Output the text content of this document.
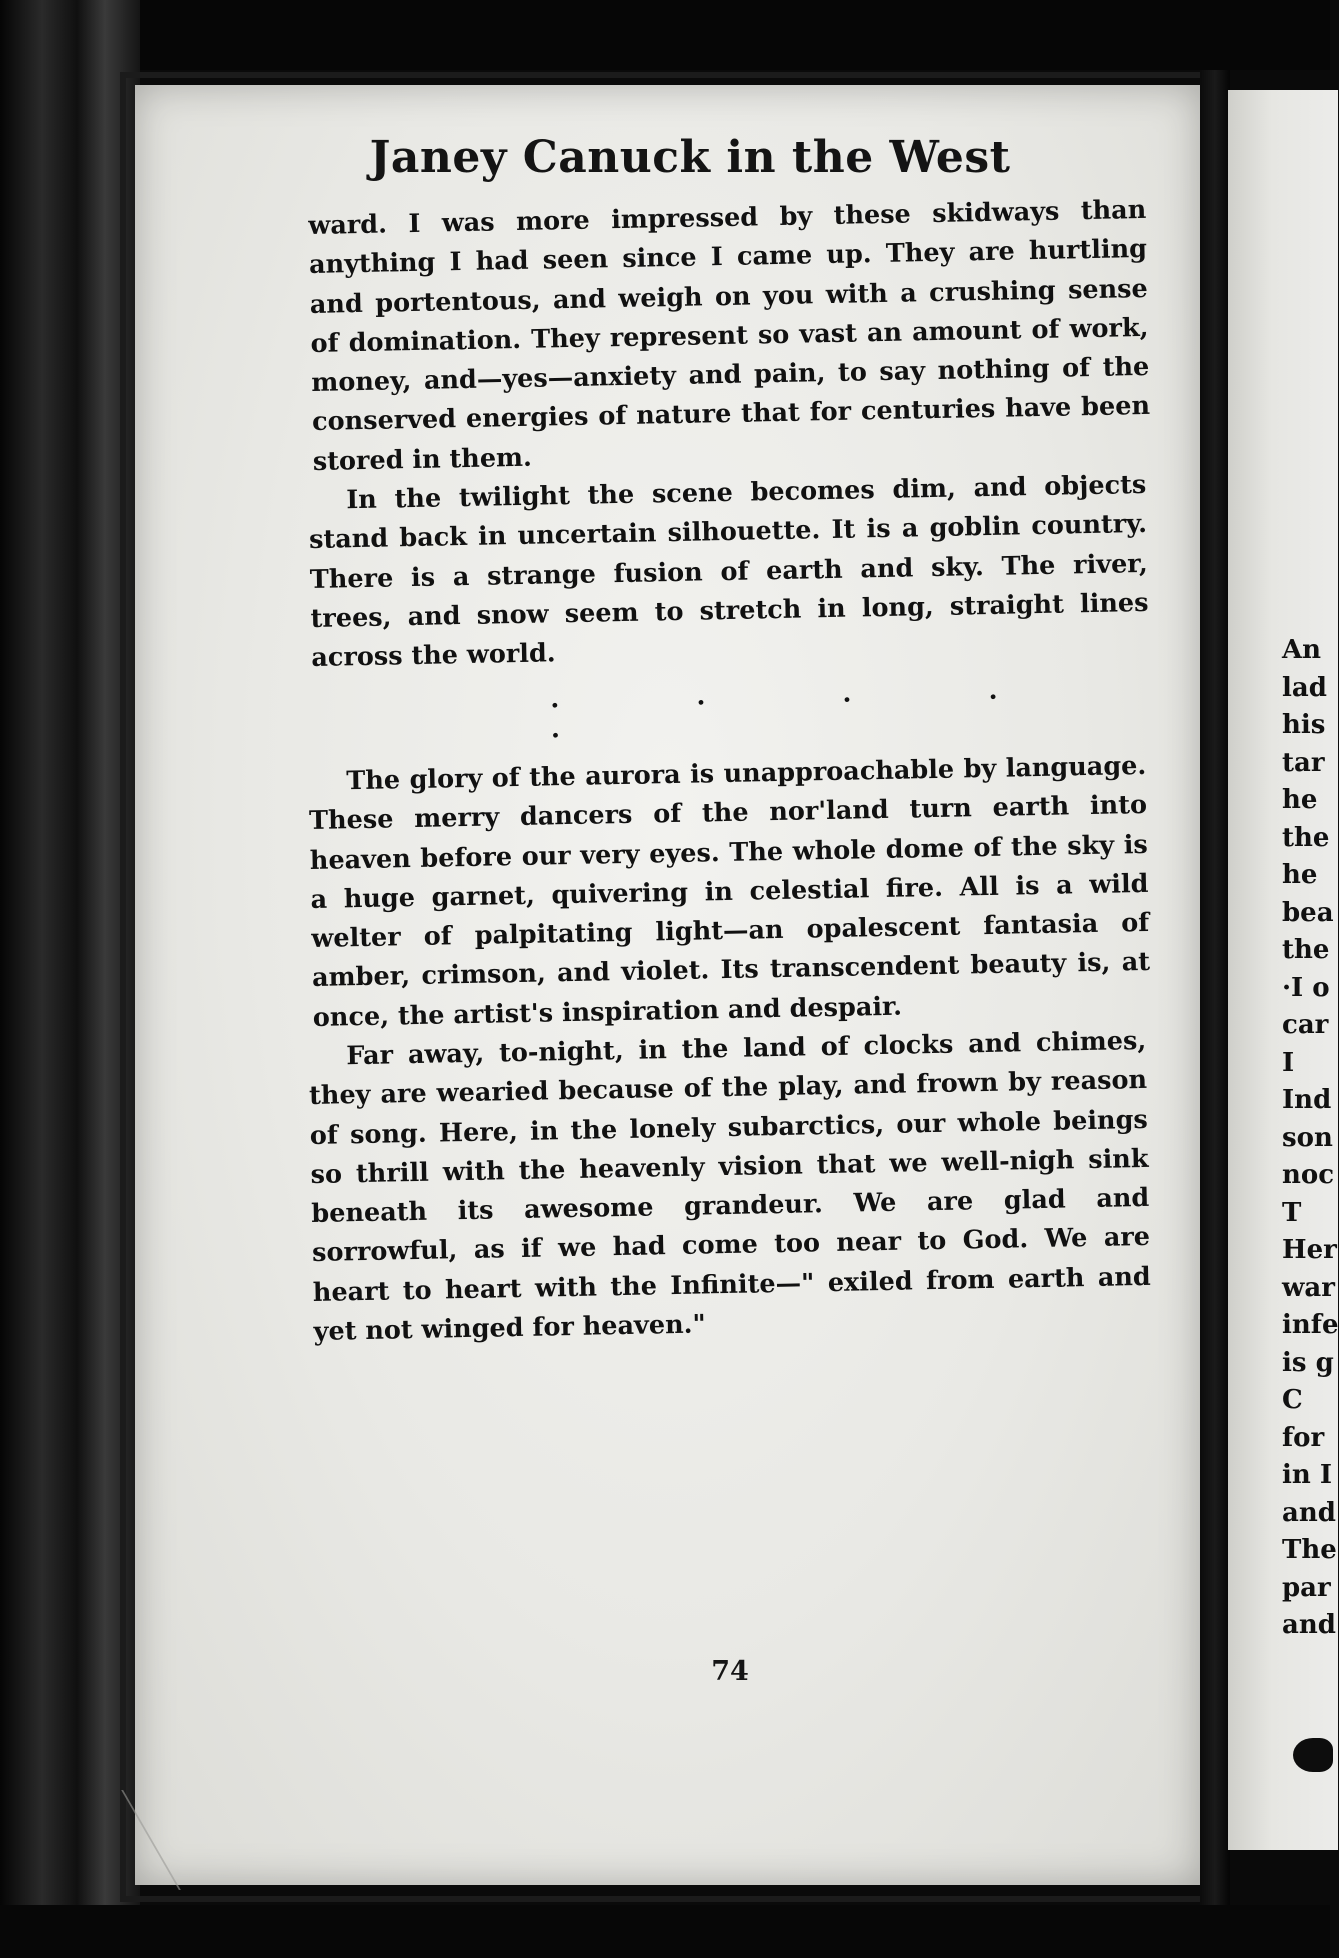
An
lad
his
tar
he
the
he
bea
the
·I o
car
I
Ind
son
noc
T
Her
war
infe
is g
C
for
in I
and
The
par
and
Janey Canuck in the West

ward. I was more impressed by these skidways than anything I had seen since I came up. They are hurtling and portentous, and weigh on you with a crushing sense of domination. They represent so vast an amount of work, money, and—yes—anxiety and pain, to say nothing of the conserved energies of nature that for centuries have been stored in them.

In the twilight the scene becomes dim, and objects stand back in uncertain silhouette. It is a goblin country. There is a strange fusion of earth and sky. The river, trees, and snow seem to stretch in long, straight lines across the world.

. . . . .

The glory of the aurora is unapproachable by language. These merry dancers of the nor'land turn earth into heaven before our very eyes. The whole dome of the sky is a huge garnet, quivering in celestial fire. All is a wild welter of palpitating light—an opalescent fantasia of amber, crimson, and violet. Its transcendent beauty is, at once, the artist's inspiration and despair.

Far away, to-night, in the land of clocks and chimes, they are wearied because of the play, and frown by reason of song. Here, in the lonely subarctics, our whole beings so thrill with the heavenly vision that we well-nigh sink beneath its awesome grandeur. We are glad and sorrowful, as if we had come too near to God. We are heart to heart with the Infinite—" exiled from earth and yet not winged for heaven."

74
